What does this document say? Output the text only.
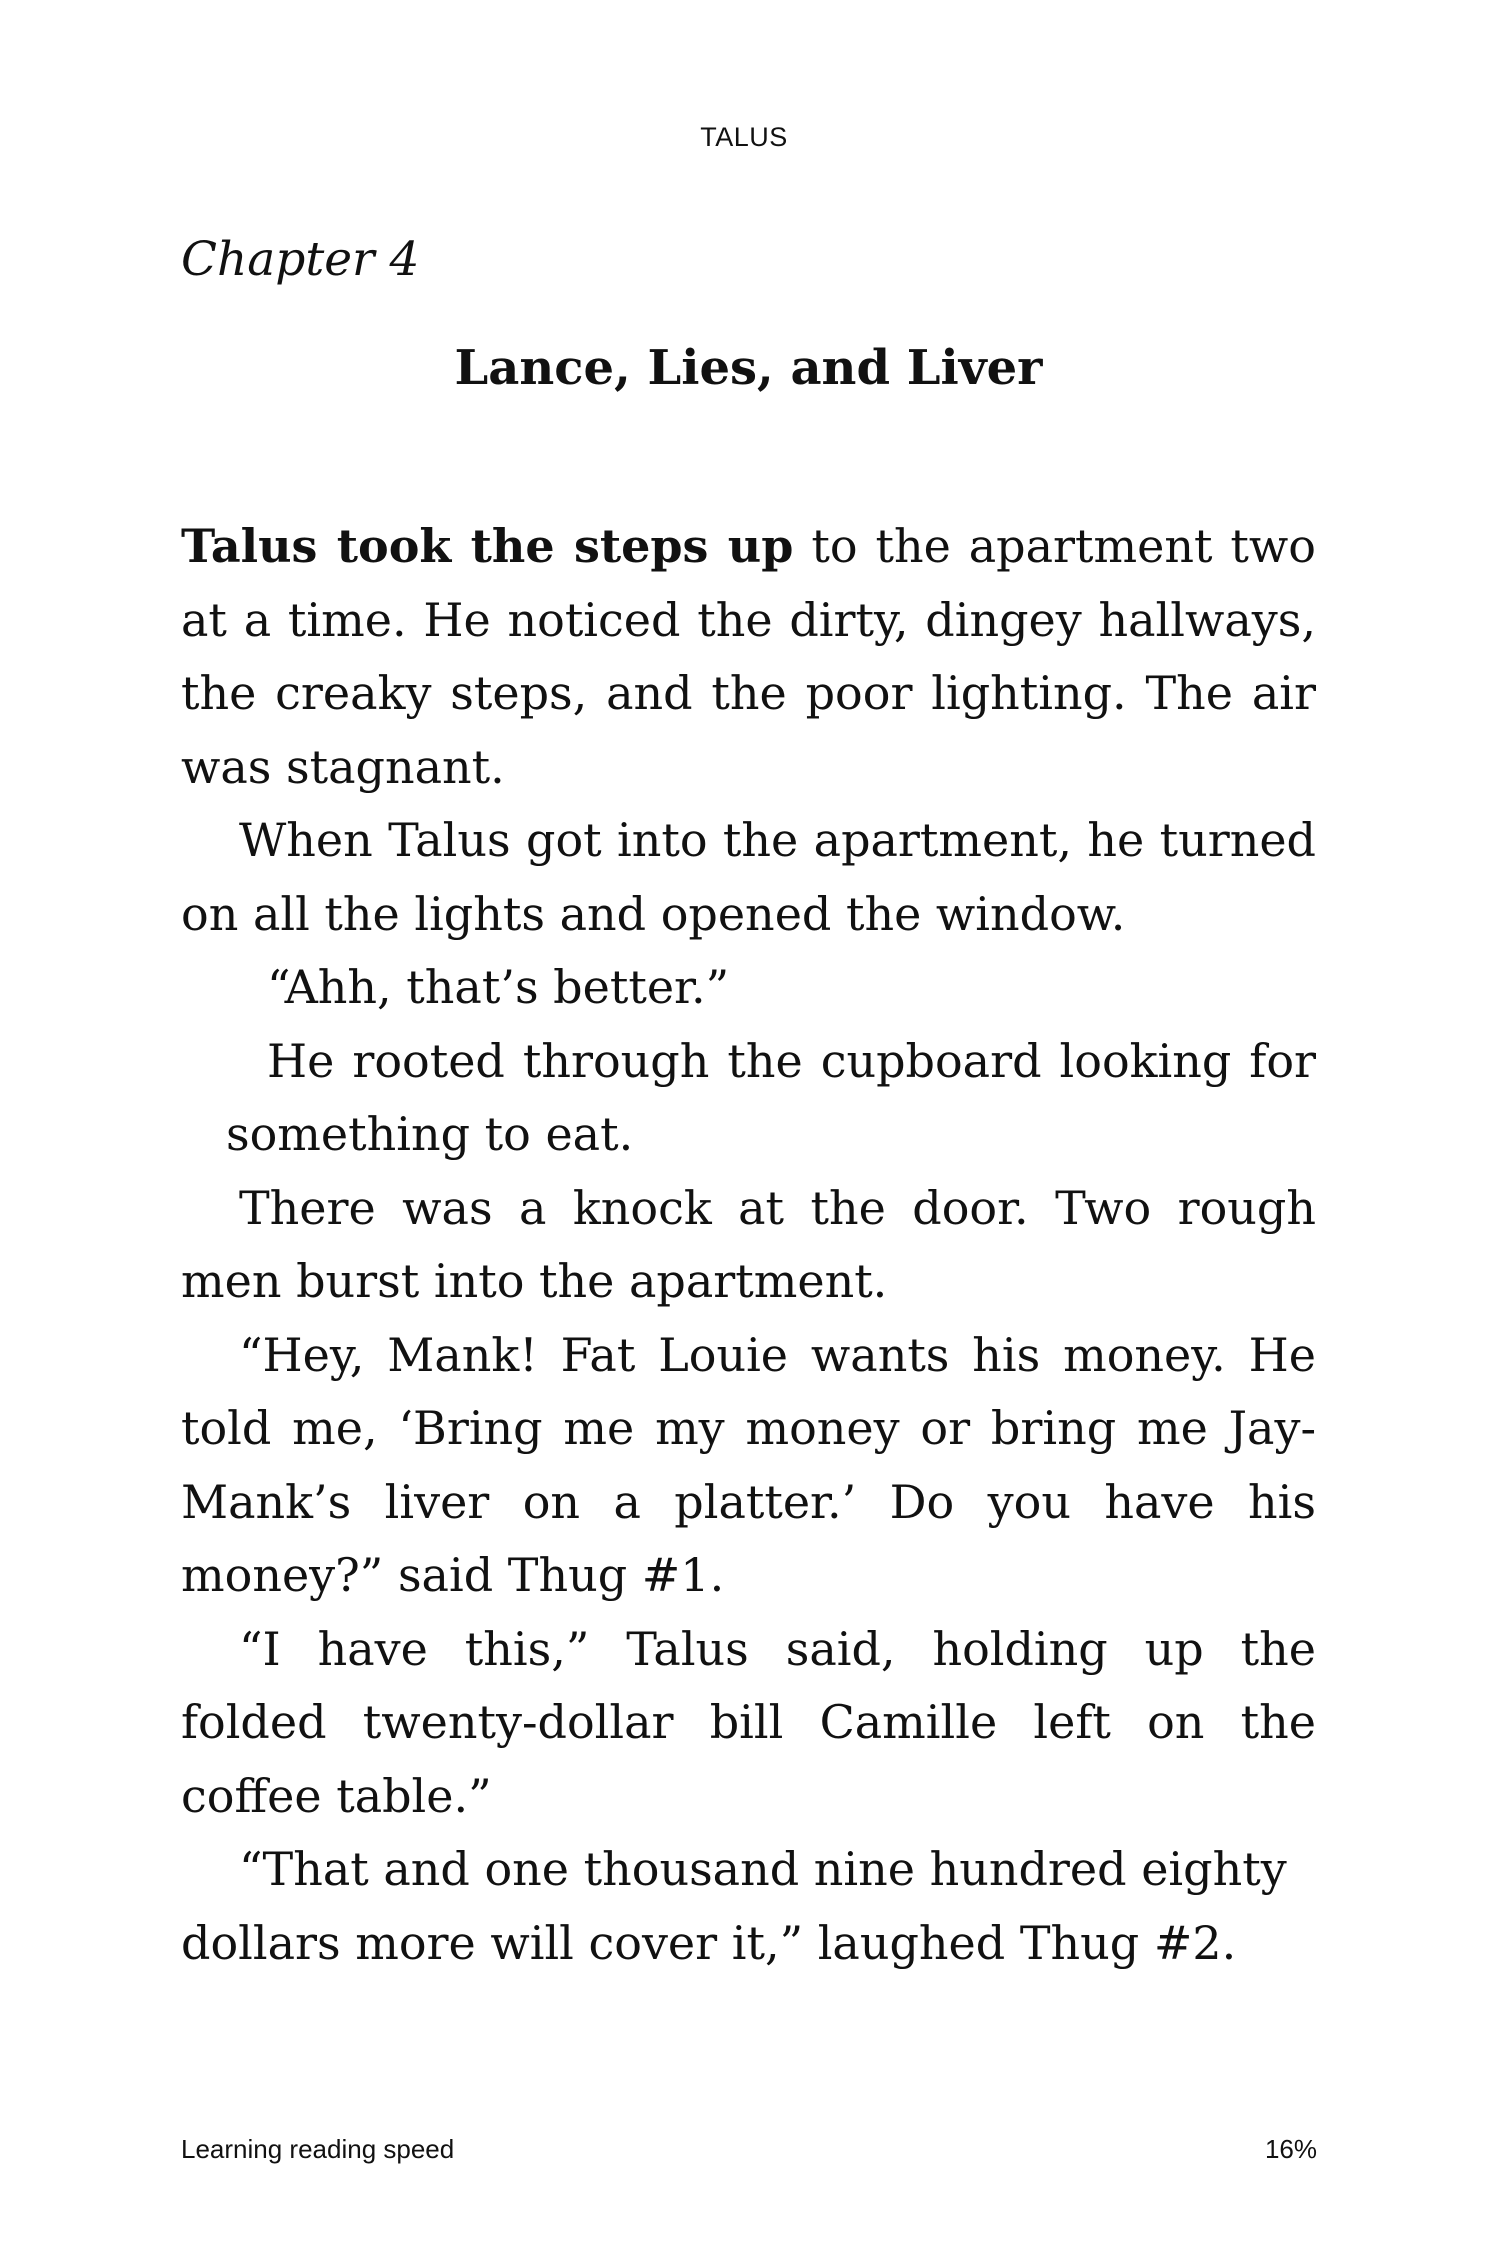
TALUS
Chapter 4
Lance, Lies, and Liver

Talus took the steps up to the apartment two at a time. He noticed the dirty, dingey hallways, the creaky steps, and the poor lighting. The air was stagnant.

When Talus got into the apartment, he turned on all the lights and opened the window.

“Ahh, that’s better.”

He rooted through the cupboard looking for something to eat.

There was a knock at the door. Two rough men burst into the apartment.

“Hey, Mank! Fat Louie wants his money. He told me, ‘Bring me my money or bring me Jay-Mank’s liver on a platter.’ Do you have his money?” said Thug #1.

“I have this,” Talus said, holding up the folded twenty-dollar bill Camille left on the coffee table.”

“That and one thousand nine hundred eighty dollars more will cover it,” laughed Thug #2.

Learning reading speed	16%
